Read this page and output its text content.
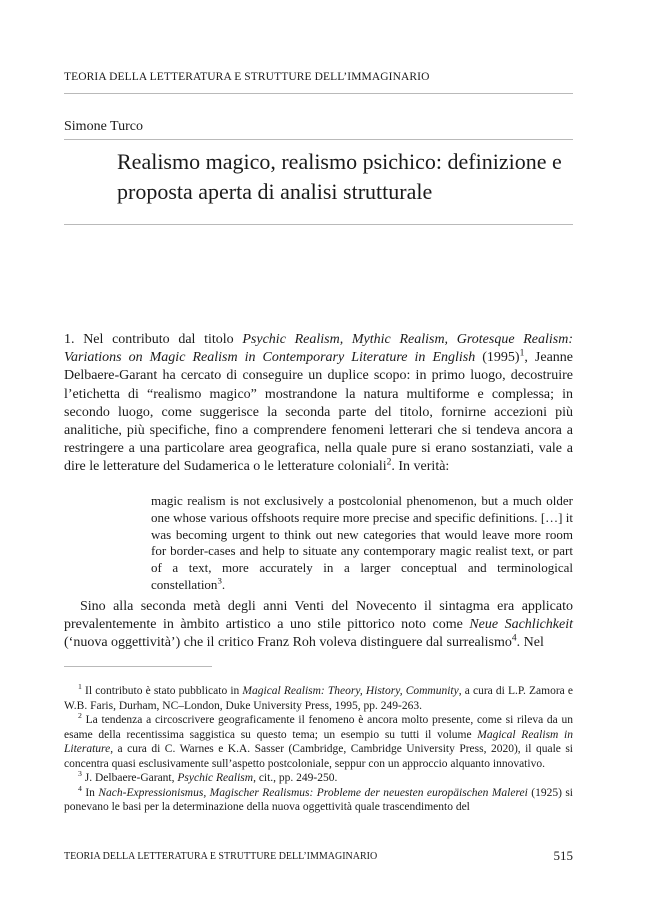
TEORIA DELLA LETTERATURA E STRUTTURE DELL’IMMAGINARIO
Simone Turco
Realismo magico, realismo psichico: definizione e proposta aperta di analisi strutturale
1. Nel contributo dal titolo Psychic Realism, Mythic Realism, Grotesque Realism: Variations on Magic Realism in Contemporary Literature in English $(1995)^1$, Jeanne Delbaere-Garant ha cercato di conseguire un duplice scopo: in primo luogo, decostruire l’etichetta di “realismo magico” mostrandone la natura multiforme e complessa; in secondo luogo, come suggerisce la seconda parte del titolo, fornirne accezioni più analitiche, più specifiche, fino a comprendere fenomeni letterari che si tendeva ancora a restringere a una particolare area geografica, nella quale pure si erano sostanziati, vale a dire le letterature del Sudamerica o le letterature coloniali$^2$. In verità:
magic realism is not exclusively a postcolonial phenomenon, but a much older one whose various offshoots require more precise and specific definitions. […] it was becoming urgent to think out new categories that would leave more room for border-cases and help to situate any contemporary magic realist text, or part of a text, more accurately in a larger conceptual and terminological constellation$^3$.
Sino alla seconda metà degli anni Venti del Novecento il sintagma era applicato prevalentemente in àmbito artistico a uno stile pittorico noto come Neue Sachlichkeit (‘nuova oggettività’) che il critico Franz Roh voleva distinguere dal surrealismo$^4$. Nel

$^1$ Il contributo è stato pubblicato in Magical Realism: Theory, History, Community, a cura di L.P. Zamora e W.B. Faris, Durham, NC–London, Duke University Press, 1995, pp. 249-263.

$^2$ La tendenza a circoscrivere geograficamente il fenomeno è ancora molto presente, come si rileva da un esame della recentissima saggistica su questo tema; un esempio su tutti il volume Magical Realism in Literature, a cura di C. Warnes e K.A. Sasser (Cambridge, Cambridge University Press, 2020), il quale si concentra quasi esclusivamente sull’aspetto postcoloniale, seppur con un approccio alquanto innovativo.

$^3$ J. Delbaere-Garant, Psychic Realism, cit., pp. 249-250.

$^4$ In Nach-Expressionismus, Magischer Realismus: Probleme der neuesten europäischen Malerei (1925) si ponevano le basi per la determinazione della nuova oggettività quale trascendimento del

TEORIA DELLA LETTERATURA E STRUTTURE DELL’IMMAGINARIO	515
